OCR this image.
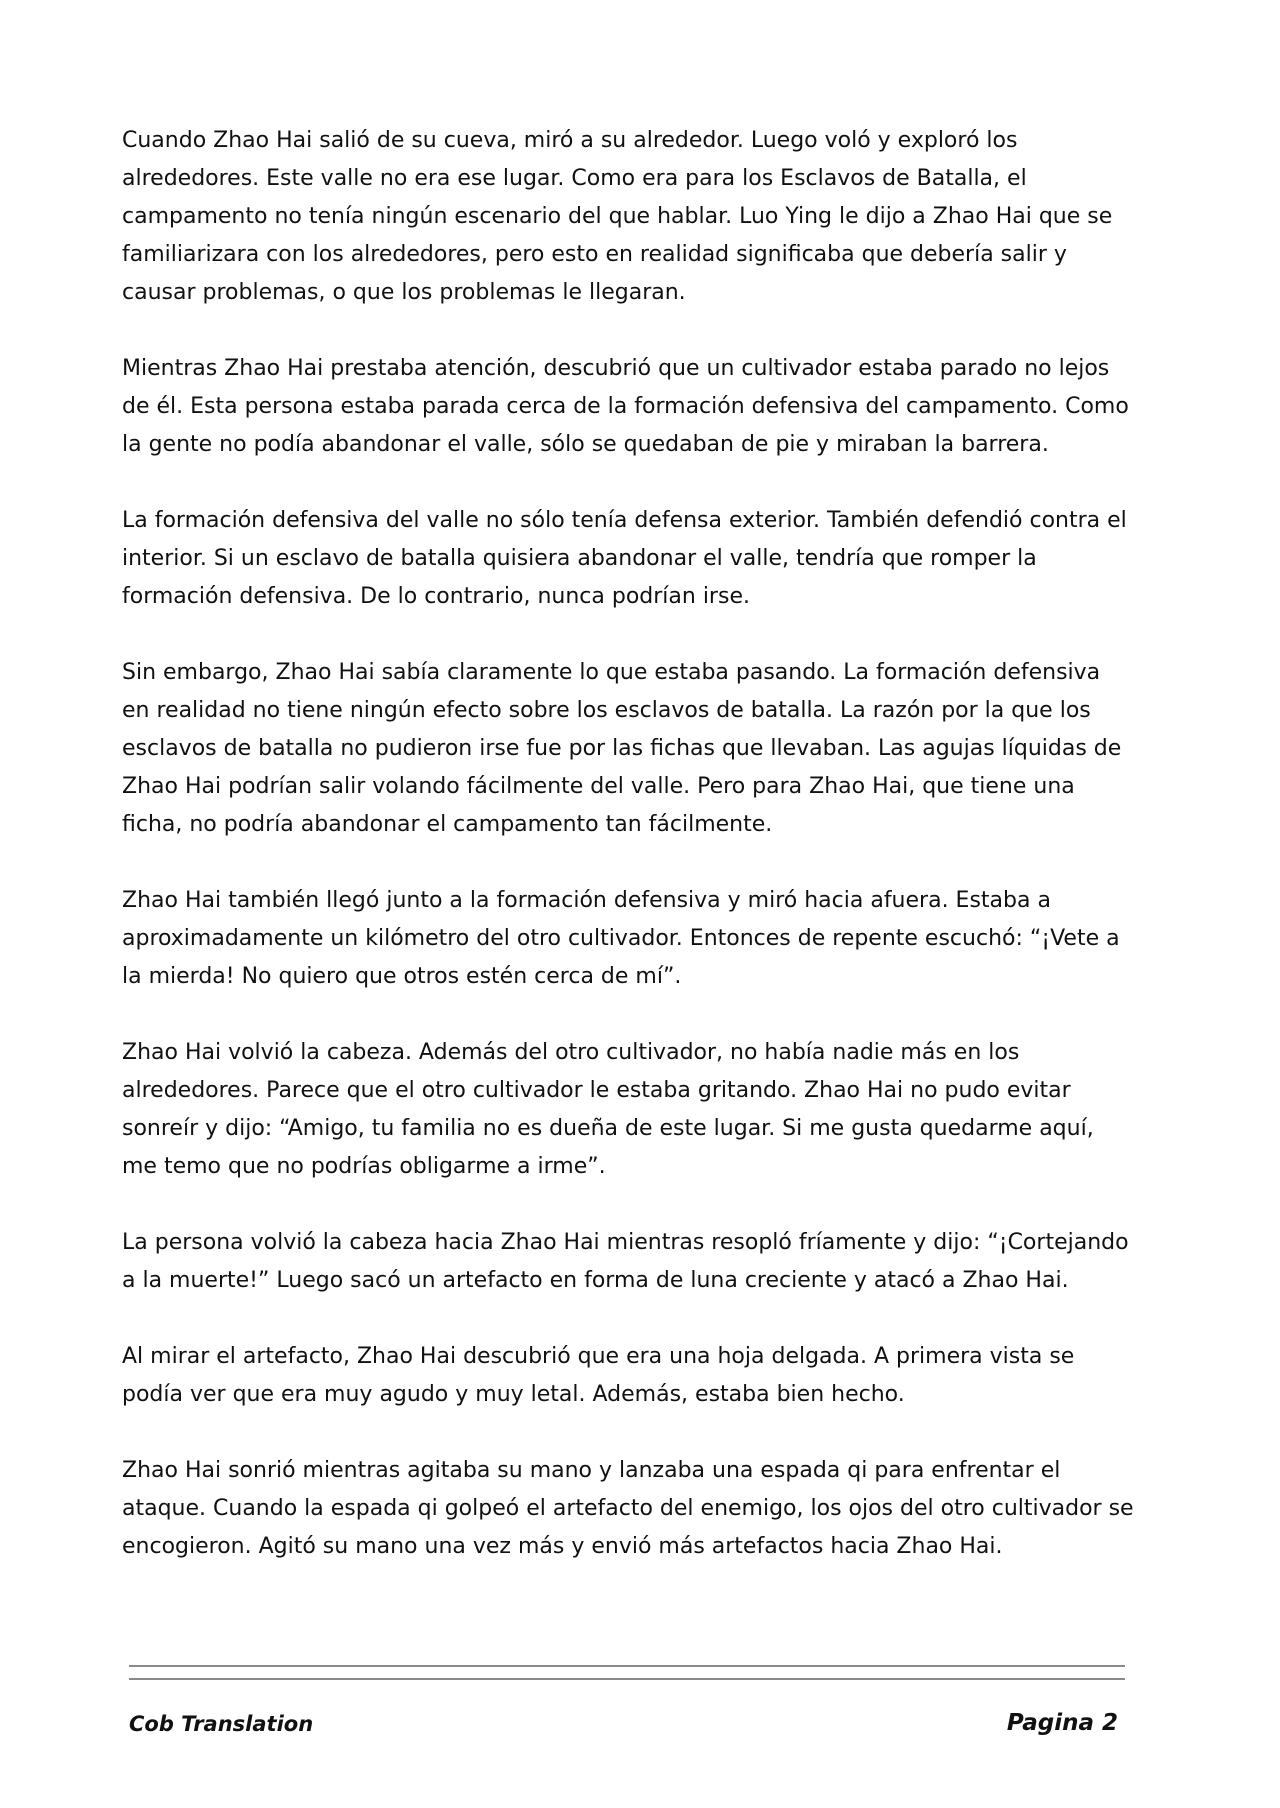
Cuando Zhao Hai salió de su cueva, miró a su alrededor. Luego voló y exploró los alrededores. Este valle no era ese lugar. Como era para los Esclavos de Batalla, el campamento no tenía ningún escenario del que hablar. Luo Ying le dijo a Zhao Hai que se familiarizara con los alrededores, pero esto en realidad significaba que debería salir y causar problemas, o que los problemas le llegaran.

Mientras Zhao Hai prestaba atención, descubrió que un cultivador estaba parado no lejos de él. Esta persona estaba parada cerca de la formación defensiva del campamento. Como la gente no podía abandonar el valle, sólo se quedaban de pie y miraban la barrera.

La formación defensiva del valle no sólo tenía defensa exterior. También defendió contra el interior. Si un esclavo de batalla quisiera abandonar el valle, tendría que romper la formación defensiva. De lo contrario, nunca podrían irse.

Sin embargo, Zhao Hai sabía claramente lo que estaba pasando. La formación defensiva en realidad no tiene ningún efecto sobre los esclavos de batalla. La razón por la que los esclavos de batalla no pudieron irse fue por las fichas que llevaban. Las agujas líquidas de Zhao Hai podrían salir volando fácilmente del valle. Pero para Zhao Hai, que tiene una ficha, no podría abandonar el campamento tan fácilmente.

Zhao Hai también llegó junto a la formación defensiva y miró hacia afuera. Estaba a aproximadamente un kilómetro del otro cultivador. Entonces de repente escuchó: “¡Vete a la mierda! No quiero que otros estén cerca de mí”.

Zhao Hai volvió la cabeza. Además del otro cultivador, no había nadie más en los alrededores. Parece que el otro cultivador le estaba gritando. Zhao Hai no pudo evitar sonreír y dijo: “Amigo, tu familia no es dueña de este lugar. Si me gusta quedarme aquí, me temo que no podrías obligarme a irme”.

La persona volvió la cabeza hacia Zhao Hai mientras resopló fríamente y dijo: “¡Cortejando a la muerte!” Luego sacó un artefacto en forma de luna creciente y atacó a Zhao Hai.

Al mirar el artefacto, Zhao Hai descubrió que era una hoja delgada. A primera vista se podía ver que era muy agudo y muy letal. Además, estaba bien hecho.

Zhao Hai sonrió mientras agitaba su mano y lanzaba una espada qi para enfrentar el ataque. Cuando la espada qi golpeó el artefacto del enemigo, los ojos del otro cultivador se encogieron. Agitó su mano una vez más y envió más artefactos hacia Zhao Hai.

Cob Translation	Pagina 2
